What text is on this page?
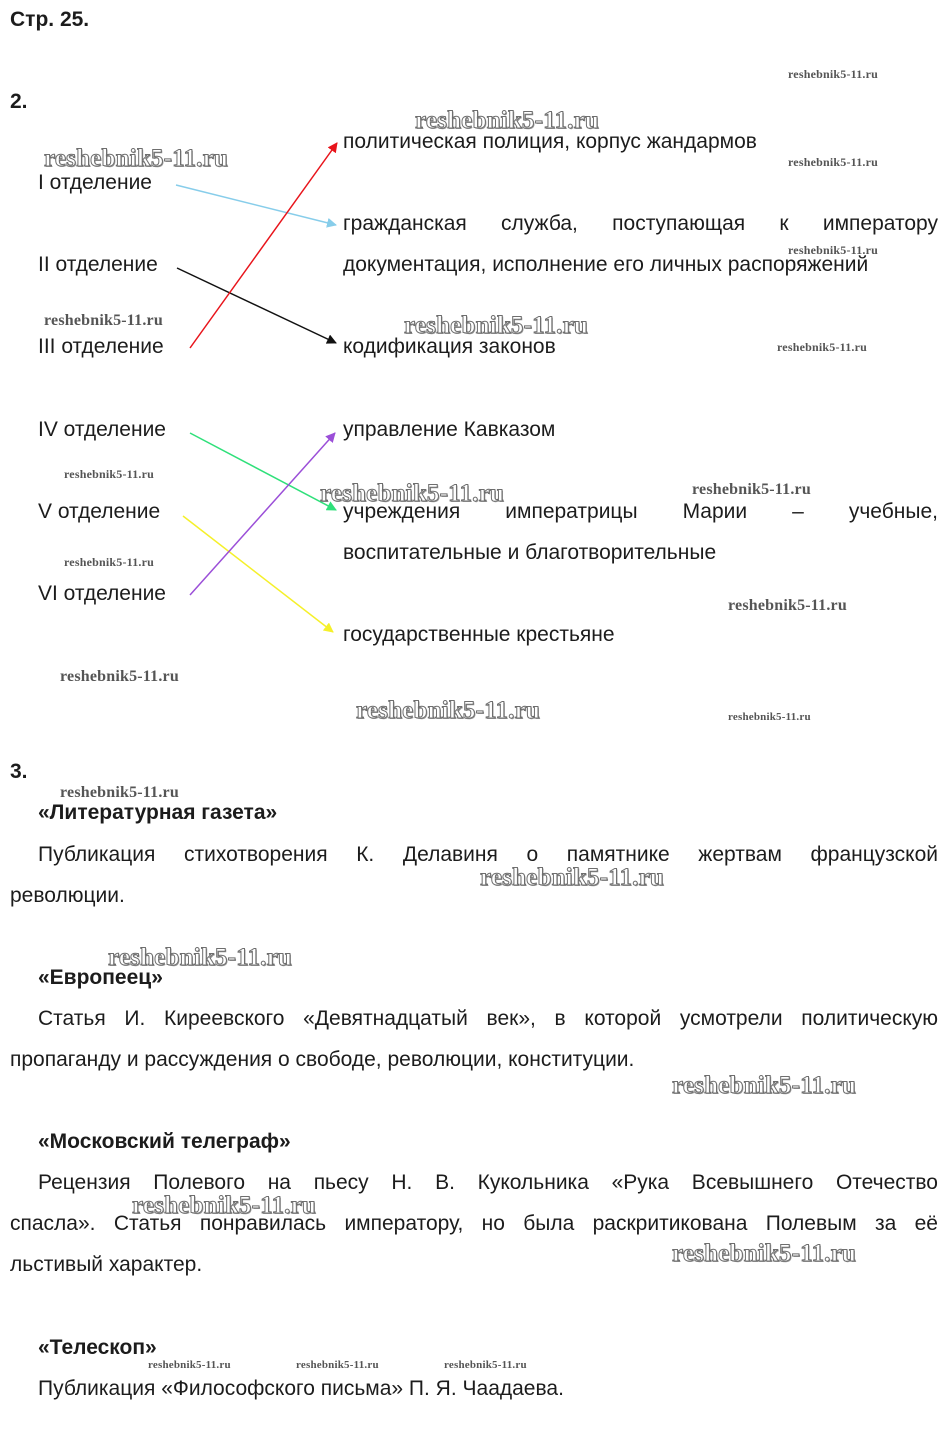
Стр. 25.
2.
I отделение
II отделение
III отделение
IV отделение
V отделение
VI отделение
политическая полиция, корпус жандармов
гражданская служба, поступающая к императору
документация, исполнение его личных распоряжений
кодификация законов
управление Кавказом
учреждения императрицы Марии – учебные,
воспитательные и благотворительные
государственные крестьяне
3.
«Литературная газета»
Публикация стихотворения К. Делавиня о памятнике жертвам французской
революции.
«Европеец»
Статья И. Киреевского «Девятнадцатый век», в которой усмотрели политическую
пропаганду и рассуждения о свободе, революции, конституции.
«Московский телеграф»
Рецензия Полевого на пьесу Н. В. Кукольника «Рука Всевышнего Отечество
спасла». Статья понравилась императору, но была раскритикована Полевым за её
льстивый характер.
«Телескоп»
Публикация «Философского письма» П. Я. Чаадаева.
reshebnik5-11.ru
reshebnik5-11.ru
reshebnik5-11.ru	reshebnik5-11.ru
reshebnik5-11.ru
reshebnik5-11.ru	reshebnik5-11.ru
reshebnik5-11.ru
reshebnik5-11.ru
reshebnik5-11.ru
reshebnik5-11.ru
reshebnik5-11.ru
reshebnik5-11.ru
reshebnik5-11.ru
reshebnik5-11.ru	reshebnik5-11.ru
reshebnik5-11.ru
reshebnik5-11.ru
reshebnik5-11.ru
reshebnik5-11.ru
reshebnik5-11.ru
reshebnik5-11.ru
reshebnik5-11.ru	reshebnik5-11.ru	reshebnik5-11.ru
